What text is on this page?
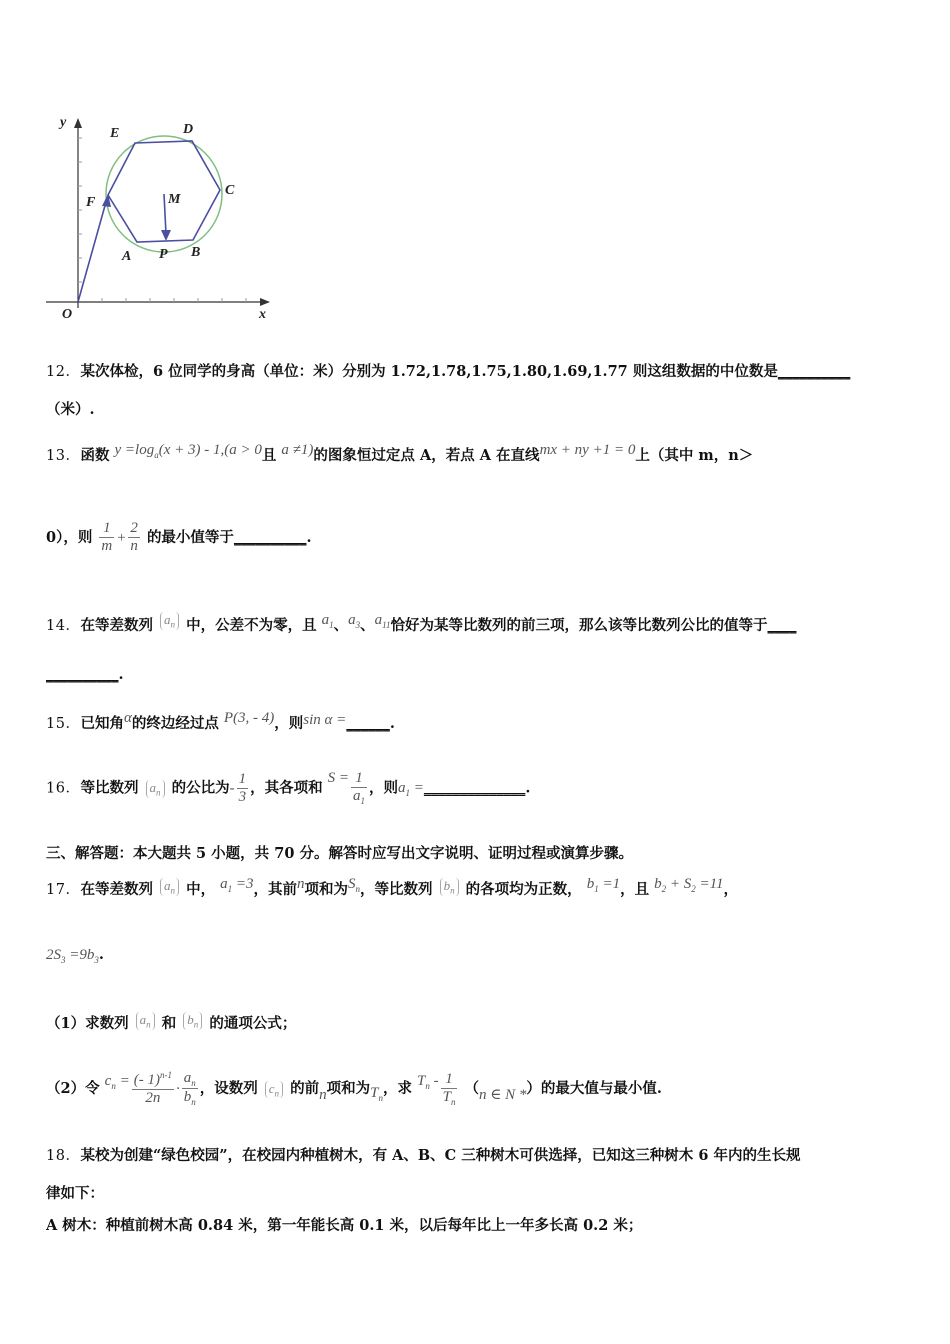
y
x
O
E	D
C
F	M
A P B
12．某次体检，6 位同学的身高（单位：米）分别为 1.72,1.78,1.75,1.80,1.69,1.77 则这组数据的中位数是__________
（米）.
13．函数 $y =\log_a(x + 3) - 1,(a > 0$且 a ≠1)的图象恒过定点 A，若点 A 在直线mx + ny +1 = 0上（其中 m，n＞
0），则 $\frac{1}{m} + \frac{2}{n}$ 的最小值等于__________.
14．在等差数列 $a_n$ 中，公差不为零，且 $a_1$、$a_3$、$a_{11}$恰好为某等比数列的前三项，那么该等比数列公比的值等于____
__________.
15．已知角α的终边经过点 P(3, - 4)，则sin α =______.
16．等比数列 $a_n$ 的公比为- $\frac{1}{3}$ ，其各项和 $S = \frac{1}{a_1}$ ，则$a_1$ =______________.
三、解答题：本大题共 5 小题，共 70 分。解答时应写出文字说明、证明过程或演算步骤。
17．在等差数列 $a_n$ 中， $a_1 =3$，其前n项和为$S_n$，等比数列 $b_n$ 的各项均为正数， $b_1 =1$，且 $b_2 + S_2 =11$，
$2S_3 =9b_3$.
（1）求数列 $a_n$ 和 $b_n$ 的通项公式；
（2）令 $c_n = \frac{(- 1)^{n-1}}{2n} \cdot \frac{a_n}{b_n}$ ，设数列 $c_n$ 的前n项和为$T_n$，求 $T_n - \frac{1}{T_n} (n$ ∈ N *）的最大值与最小值.
18．某校为创建“绿色校园”，在校园内种植树木，有 A、B、C 三种树木可供选择，已知这三种树木 6 年内的生长规
律如下：
A 树木：种植前树木高 0.84 米，第一年能长高 0.1 米，以后每年比上一年多长高 0.2 米；
